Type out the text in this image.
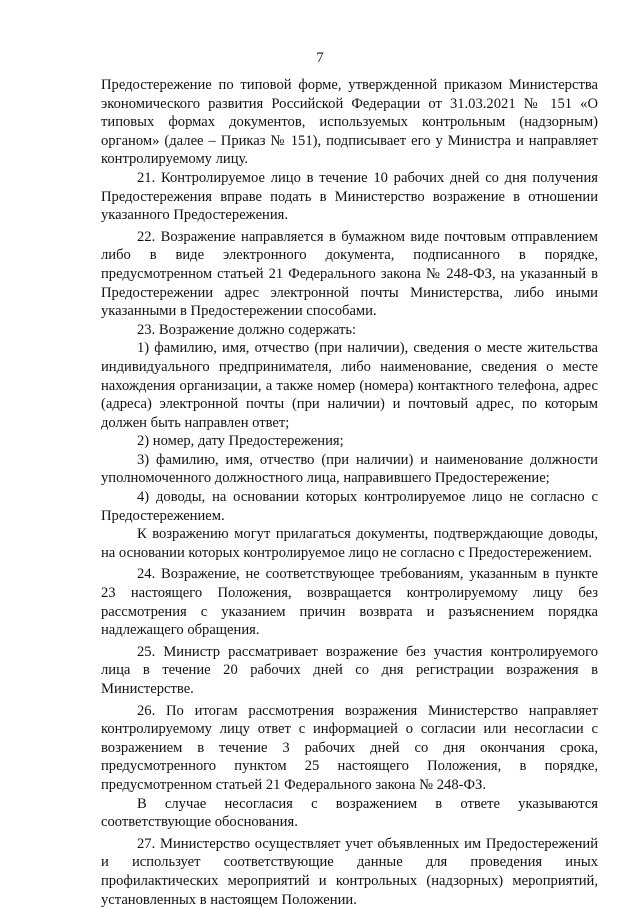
7

Предостережение по типовой форме, утвержденной приказом Министерства экономического развития Российской Федерации от 31.03.2021 № 151 «О типовых формах документов, используемых контрольным (надзорным) органом» (далее – Приказ № 151), подписывает его у Министра и направляет контролируемому лицу.

21. Контролируемое лицо в течение 10 рабочих дней со дня получения Предостережения вправе подать в Министерство возражение в отношении указанного Предостережения.

22. Возражение направляется в бумажном виде почтовым отправлением либо в виде электронного документа, подписанного в порядке, предусмотренном статьей 21 Федерального закона № 248-ФЗ, на указанный в Предостережении адрес электронной почты Министерства, либо иными указанными в Предостережении способами.

23. Возражение должно содержать:

1) фамилию, имя, отчество (при наличии), сведения о месте жительства индивидуального предпринимателя, либо наименование, сведения о месте нахождения организации, а также номер (номера) контактного телефона, адрес (адреса) электронной почты (при наличии) и почтовый адрес, по которым должен быть направлен ответ;

2) номер, дату Предостережения;

3) фамилию, имя, отчество (при наличии) и наименование должности уполномоченного должностного лица, направившего Предостережение;

4) доводы, на основании которых контролируемое лицо не согласно с Предостережением.

К возражению могут прилагаться документы, подтверждающие доводы, на основании которых контролируемое лицо не согласно с Предостережением.

24. Возражение, не соответствующее требованиям, указанным в пункте 23 настоящего Положения, возвращается контролируемому лицу без рассмотрения с указанием причин возврата и разъяснением порядка надлежащего обращения.

25. Министр рассматривает возражение без участия контролируемого лица в течение 20 рабочих дней со дня регистрации возражения в Министерстве.

26. По итогам рассмотрения возражения Министерство направляет контролируемому лицу ответ с информацией о согласии или несогласии с возражением в течение 3 рабочих дней со дня окончания срока, предусмотренного пунктом 25 настоящего Положения, в порядке, предусмотренном статьей 21 Федерального закона № 248-ФЗ.

В случае несогласия с возражением в ответе указываются соответствующие обоснования.

27. Министерство осуществляет учет объявленных им Предостережений и использует соответствующие данные для проведения иных профилактических мероприятий и контрольных (надзорных) мероприятий, установленных в настоящем Положении.
